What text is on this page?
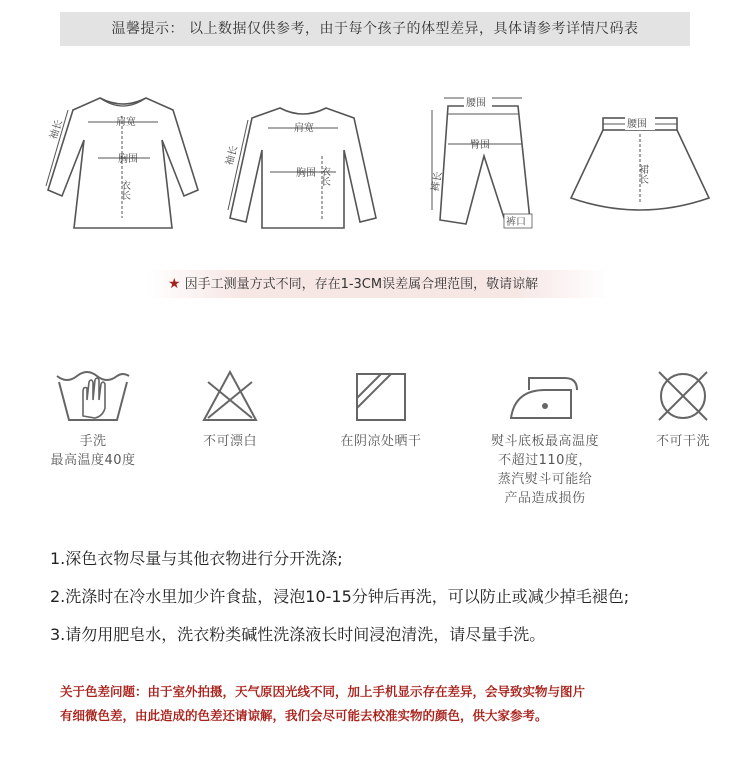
温馨提示： 以上数据仅供参考，由于每个孩子的体型差异，具体请参考详情尺码表
肩宽
胸围
衣长
袖长	肩宽
胸围 衣长
袖长
腰围
臀围
裤长
裤口
腰围
裙长
★ 因手工测量方式不同，存在1-3CM误差属合理范围，敬请谅解
手洗
最高温度40度
不可漂白	在阴凉处晒干	熨斗底板最高温度
不超过110度，
蒸汽熨斗可能给
产品造成损伤
不可干洗
1.深色衣物尽量与其他衣物进行分开洗涤;
2.洗涤时在冷水里加少许食盐，浸泡10-15分钟后再洗，可以防止或减少掉毛褪色;
3.请勿用肥皂水，洗衣粉类碱性洗涤液长时间浸泡清洗，请尽量手洗。
关于色差问题：由于室外拍摄，天气原因光线不同，加上手机显示存在差异，会导致实物与图片
有细微色差，由此造成的色差还请谅解，我们会尽可能去校准实物的颜色，供大家参考。
